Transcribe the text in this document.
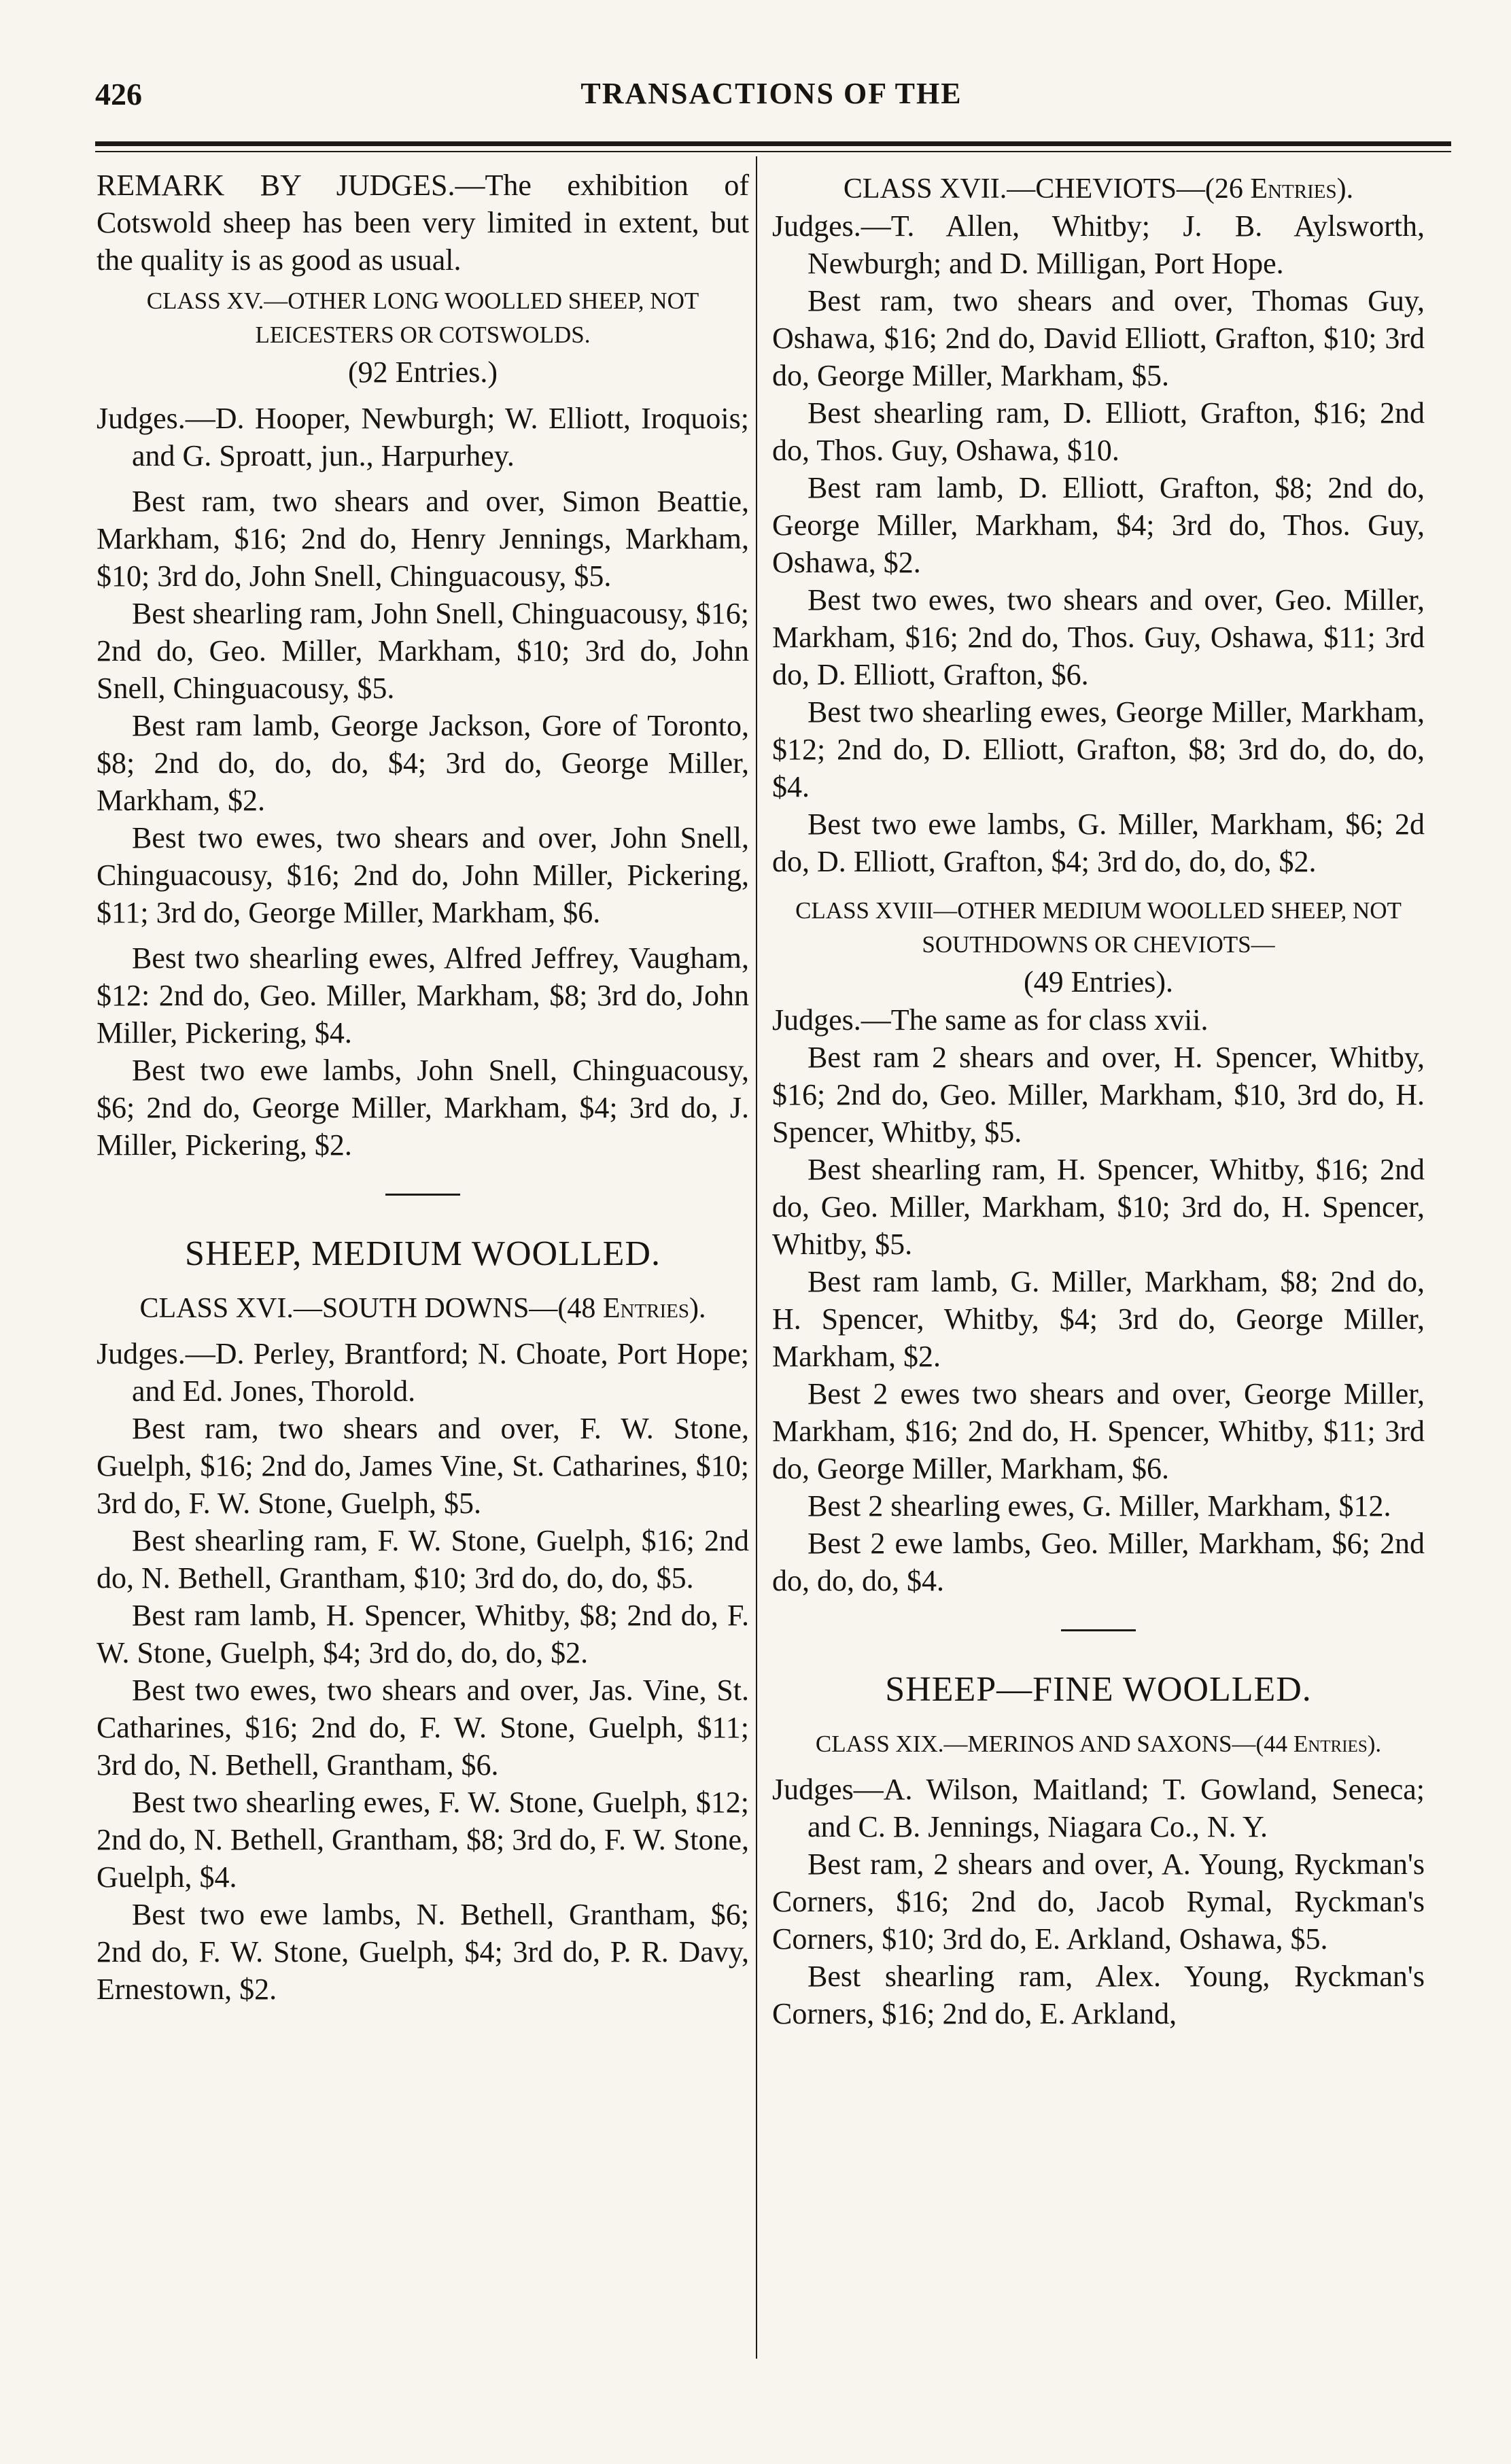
426	TRANSACTIONS OF THE

REMARK BY JUDGES.—The exhibition of Cotswold sheep has been very limited in extent, but the quality is as good as usual.

CLASS XV.—OTHER LONG WOOLLED SHEEP, NOT LEICESTERS OR COTSWOLDS.
(92 Entries.)

Judges.—D. Hooper, Newburgh; W. Elliott, Iroquois; and G. Sproatt, jun., Harpurhey.

Best ram, two shears and over, Simon Beattie, Markham, $16; 2nd do, Henry Jennings, Markham, $10; 3rd do, John Snell, Chinguacousy, $5.

Best shearling ram, John Snell, Chinguacousy, $16; 2nd do, Geo. Miller, Markham, $10; 3rd do, John Snell, Chinguacousy, $5.

Best ram lamb, George Jackson, Gore of Toronto, $8; 2nd do, do, do, $4; 3rd do, George Miller, Markham, $2.

Best two ewes, two shears and over, John Snell, Chinguacousy, $16; 2nd do, John Miller, Pickering, $11; 3rd do, George Miller, Markham, $6.

Best two shearling ewes, Alfred Jeffrey, Vaugham, $12: 2nd do, Geo. Miller, Markham, $8; 3rd do, John Miller, Pickering, $4.

Best two ewe lambs, John Snell, Chinguacousy, $6; 2nd do, George Miller, Markham, $4; 3rd do, J. Miller, Pickering, $2.

SHEEP, MEDIUM WOOLLED.
CLASS XVI.—SOUTH DOWNS—(48 Entries).

Judges.—D. Perley, Brantford; N. Choate, Port Hope; and Ed. Jones, Thorold.

Best ram, two shears and over, F. W. Stone, Guelph, $16; 2nd do, James Vine, St. Catharines, $10; 3rd do, F. W. Stone, Guelph, $5.

Best shearling ram, F. W. Stone, Guelph, $16; 2nd do, N. Bethell, Grantham, $10; 3rd do, do, do, $5.

Best ram lamb, H. Spencer, Whitby, $8; 2nd do, F. W. Stone, Guelph, $4; 3rd do, do, do, $2.

Best two ewes, two shears and over, Jas. Vine, St. Catharines, $16; 2nd do, F. W. Stone, Guelph, $11; 3rd do, N. Bethell, Grantham, $6.

Best two shearling ewes, F. W. Stone, Guelph, $12; 2nd do, N. Bethell, Grantham, $8; 3rd do, F. W. Stone, Guelph, $4.

Best two ewe lambs, N. Bethell, Grantham, $6; 2nd do, F. W. Stone, Guelph, $4; 3rd do, P. R. Davy, Ernestown, $2.

CLASS XVII.—CHEVIOTS—(26 Entries).

Judges.—T. Allen, Whitby; J. B. Aylsworth, Newburgh; and D. Milligan, Port Hope.

Best ram, two shears and over, Thomas Guy, Oshawa, $16; 2nd do, David Elliott, Grafton, $10; 3rd do, George Miller, Markham, $5.

Best shearling ram, D. Elliott, Grafton, $16; 2nd do, Thos. Guy, Oshawa, $10.

Best ram lamb, D. Elliott, Grafton, $8; 2nd do, George Miller, Markham, $4; 3rd do, Thos. Guy, Oshawa, $2.

Best two ewes, two shears and over, Geo. Miller, Markham, $16; 2nd do, Thos. Guy, Oshawa, $11; 3rd do, D. Elliott, Grafton, $6.

Best two shearling ewes, George Miller, Markham, $12; 2nd do, D. Elliott, Grafton, $8; 3rd do, do, do, $4.

Best two ewe lambs, G. Miller, Markham, $6; 2d do, D. Elliott, Grafton, $4; 3rd do, do, do, $2.

CLASS XVIII—OTHER MEDIUM WOOLLED SHEEP, NOT SOUTHDOWNS OR CHEVIOTS—
(49 Entries).

Judges.—The same as for class xvii.

Best ram 2 shears and over, H. Spencer, Whitby, $16; 2nd do, Geo. Miller, Markham, $10, 3rd do, H. Spencer, Whitby, $5.

Best shearling ram, H. Spencer, Whitby, $16; 2nd do, Geo. Miller, Markham, $10; 3rd do, H. Spencer, Whitby, $5.

Best ram lamb, G. Miller, Markham, $8; 2nd do, H. Spencer, Whitby, $4; 3rd do, George Miller, Markham, $2.

Best 2 ewes two shears and over, George Miller, Markham, $16; 2nd do, H. Spencer, Whitby, $11; 3rd do, George Miller, Markham, $6.

Best 2 shearling ewes, G. Miller, Markham, $12.

Best 2 ewe lambs, Geo. Miller, Markham, $6; 2nd do, do, do, $4.

SHEEP—FINE WOOLLED.
CLASS XIX.—MERINOS AND SAXONS—(44 Entries).

Judges—A. Wilson, Maitland; T. Gowland, Seneca; and C. B. Jennings, Niagara Co., N. Y.

Best ram, 2 shears and over, A. Young, Ryckman's Corners, $16; 2nd do, Jacob Rymal, Ryckman's Corners, $10; 3rd do, E. Arkland, Oshawa, $5.

Best shearling ram, Alex. Young, Ryckman's Corners, $16; 2nd do, E. Arkland,
